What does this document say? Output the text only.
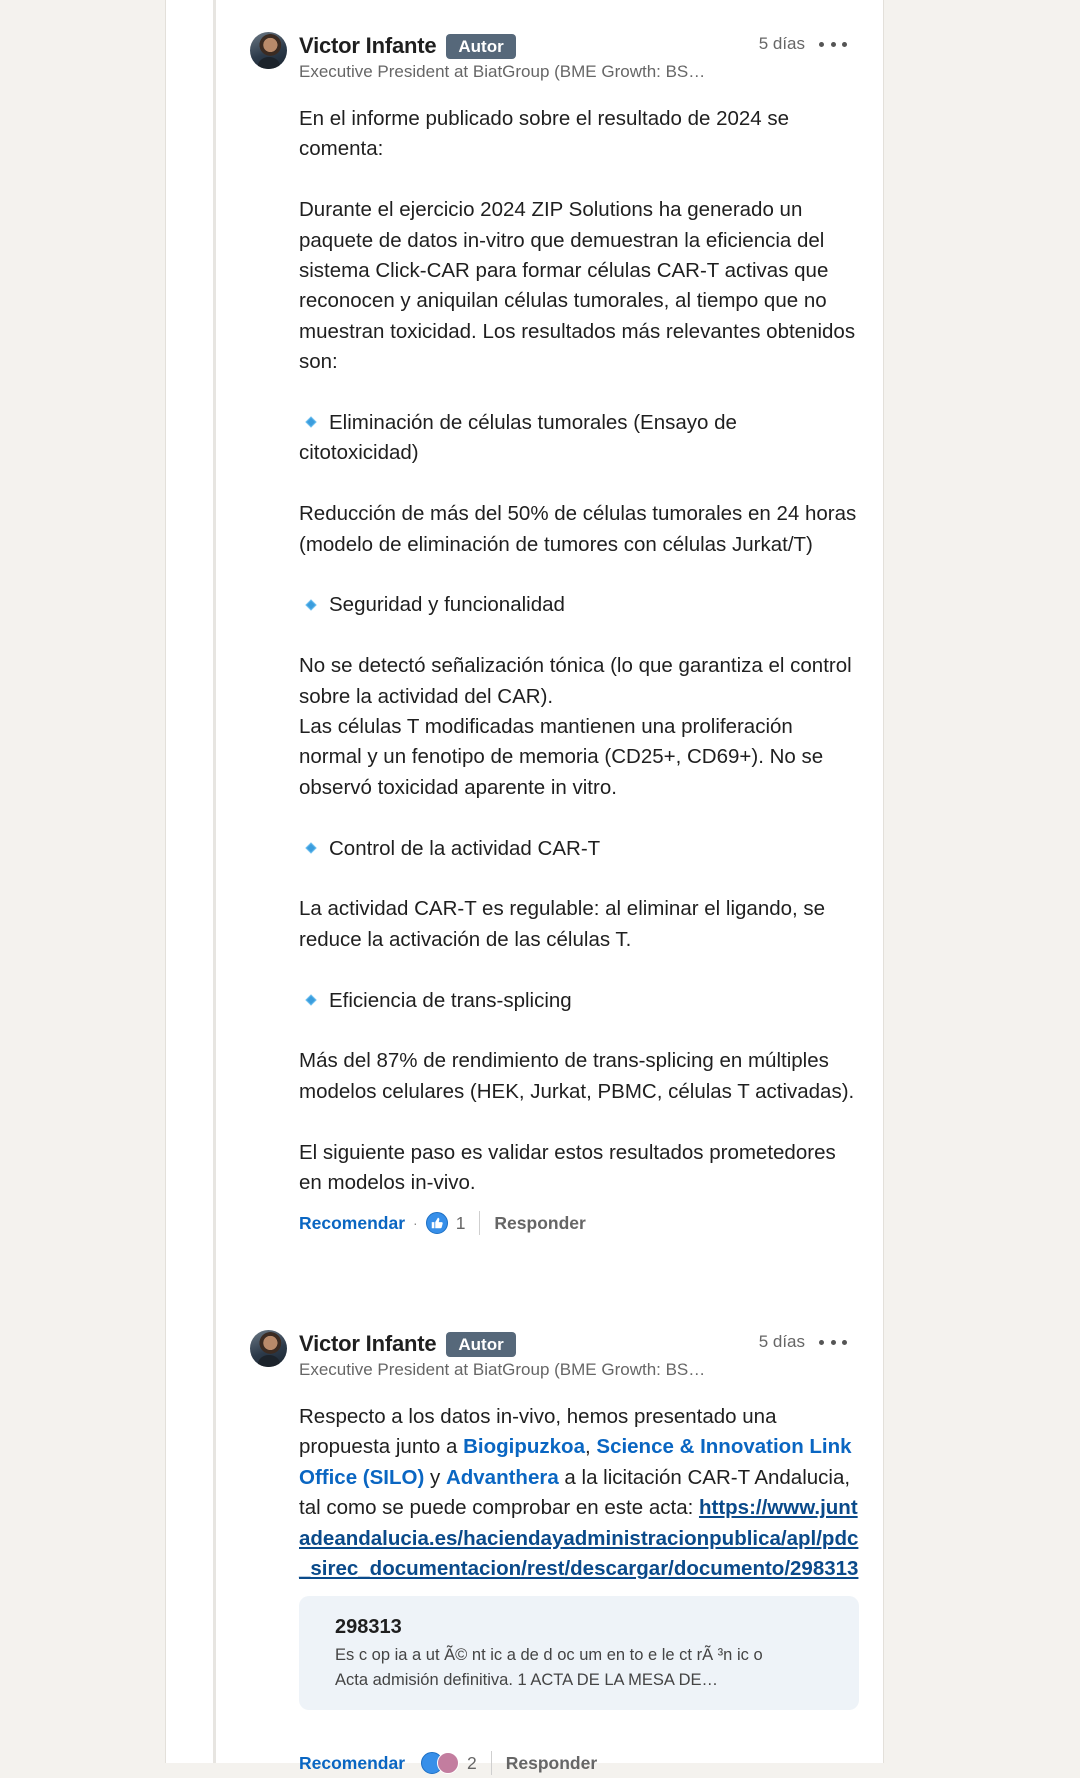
Victor Infante	Autor	5 días
Executive President at BiatGroup (BME Growth: BS…
En el informe publicado sobre el resultado de 2024 se comenta:
Durante el ejercicio 2024 ZIP Solutions ha generado un paquete de datos in-vitro que demuestran la eficiencia del sistema Click-CAR para formar células CAR-T activas que reconocen y aniquilan células tumorales, al tiempo que no muestran toxicidad. Los resultados más relevantes obtenidos son:
Eliminación de células tumorales (Ensayo de citotoxicidad)
Reducción de más del 50% de células tumorales en 24 horas (modelo de eliminación de tumores con células Jurkat/T)
Seguridad y funcionalidad
No se detectó señalización tónica (lo que garantiza el control sobre la actividad del CAR).
Las células T modificadas mantienen una proliferación normal y un fenotipo de memoria (CD25+, CD69+). No se observó toxicidad aparente in vitro.
Control de la actividad CAR-T
La actividad CAR-T es regulable: al eliminar el ligando, se reduce la activación de las células T.
Eficiencia de trans-splicing
Más del 87% de rendimiento de trans-splicing en múltiples modelos celulares (HEK, Jurkat, PBMC, células T activadas).
El siguiente paso es validar estos resultados prometedores en modelos in-vivo.
Recomendar · 1 Responder
Victor Infante	Autor	5 días
Executive President at BiatGroup (BME Growth: BS…
Respecto a los datos in-vivo, hemos presentado una propuesta junto a Biogipuzkoa, Science & Innovation Link Office (SILO) y Advanthera a la licitación CAR-T Andalucia, tal como se puede comprobar en este acta: https://www.juntadeandalucia.es/haciendayadministracionpublica/apl/pdc_sirec_documentacion/rest/descargar/documento/298313
298313
Es c op ia a ut Ã© nt ic a de d oc um en to e le ct rÃ ³n ic o
Acta admisión definitiva. 1 ACTA DE LA MESA DE…
Recomendar	2 Responder
